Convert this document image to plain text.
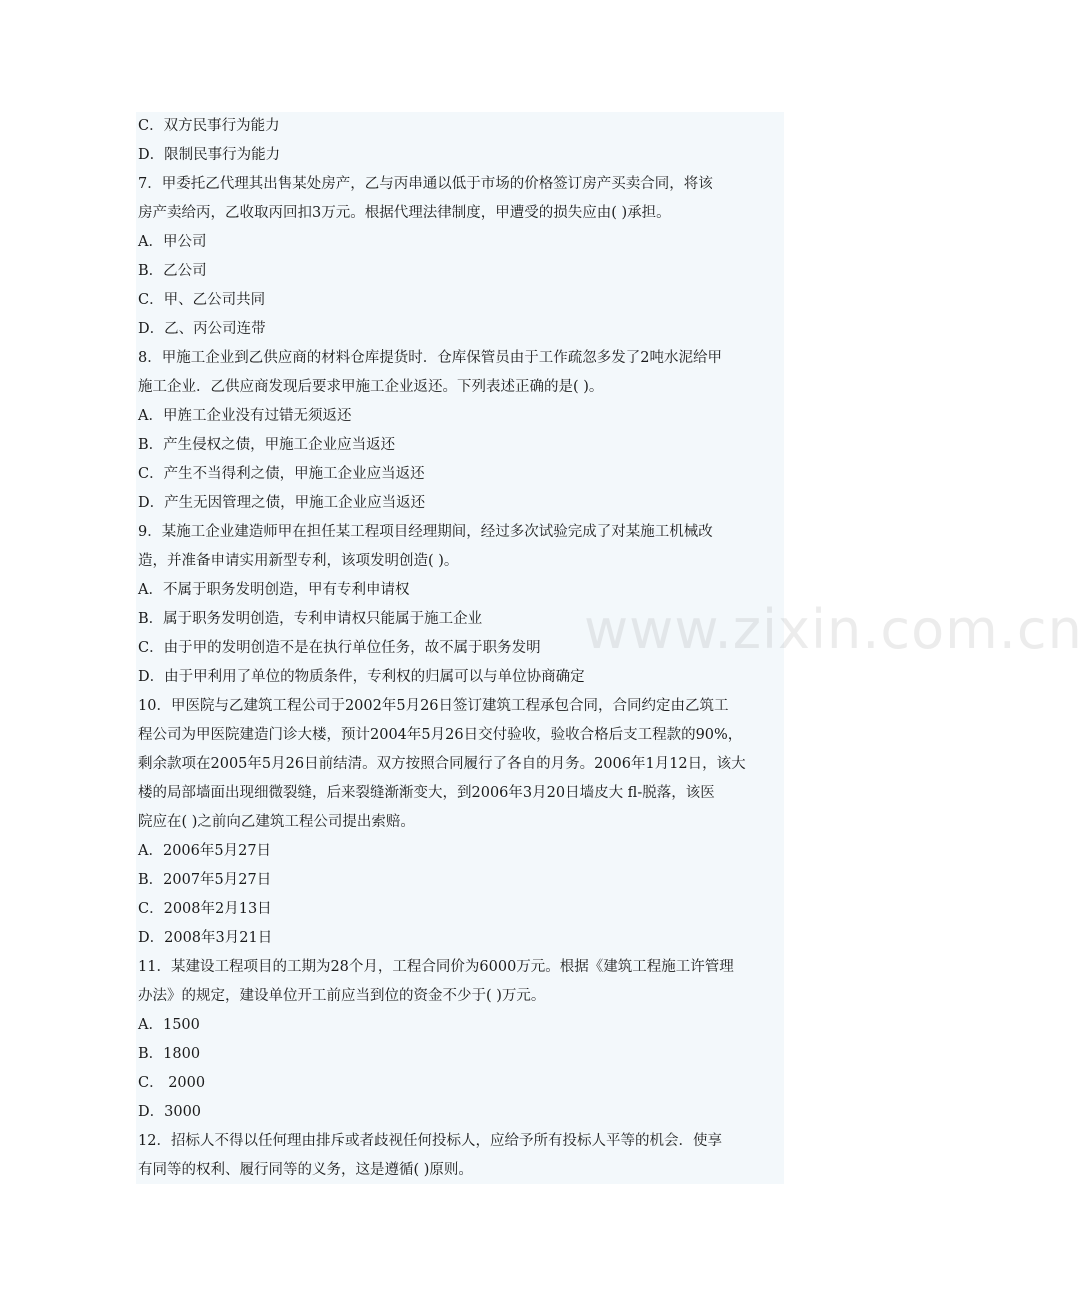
C．双方民事行为能力
D．限制民事行为能力
7．甲委托乙代理其出售某处房产，乙与丙串通以低于市场的价格签订房产买卖合同，将该
房产卖给丙，乙收取丙回扣3万元。根据代理法律制度，甲遭受的损失应由( )承担。
A．甲公司
B．乙公司
C．甲、乙公司共同
D．乙、丙公司连带
8．甲施工企业到乙供应商的材料仓库提货时．仓库保管员由于工作疏忽多发了2吨水泥给甲
施工企业．乙供应商发现后要求甲施工企业返还。下列表述正确的是( )。
A．甲旌工企业没有过错无须返还
B．产生侵权之债，甲施工企业应当返还
C．产生不当得利之债，甲施工企业应当返还
D．产生无因管理之债，甲施工企业应当返还
9．某施工企业建造师甲在担任某工程项目经理期间，经过多次试验完成了对某施工机械改
造，并准备申请实用新型专利，该项发明创造( )。
A．不属于职务发明创造，甲有专利申请权
B．属于职务发明创造，专利申请权只能属于施工企业
C．由于甲的发明创造不是在执行单位任务，故不属于职务发明
D．由于甲利用了单位的物质条件，专利权的归属可以与单位协商确定
10．甲医院与乙建筑工程公司于2002年5月26日签订建筑工程承包合同，合同约定由乙筑工
程公司为甲医院建造门诊大楼，预计2004年5月26日交付验收，验收合格后支工程款的90%，
剩余款项在2005年5月26日前结清。双方按照合同履行了各自的月务。2006年1月12日，该大
楼的局部墙面出现细微裂缝，后来裂缝渐渐变大，到2006年3月20日墙皮大 fl-脱落，该医
院应在( )之前向乙建筑工程公司提出索赔。
A．2006年5月27日
B．2007年5月27日
C．2008年2月13日
D．2008年3月21日
11．某建设工程项目的工期为28个月，工程合同价为6000万元。根据《建筑工程施工许管理
办法》的规定，建设单位开工前应当到位的资金不少于( )万元。
A．1500
B．1800
C． 2000
D．3000
12．招标人不得以任何理由排斥或者歧视任何投标人，应给予所有投标人平等的机会．使享
有同等的权利、履行同等的义务，这是遵循( )原则。
www.zixin.com.cn
